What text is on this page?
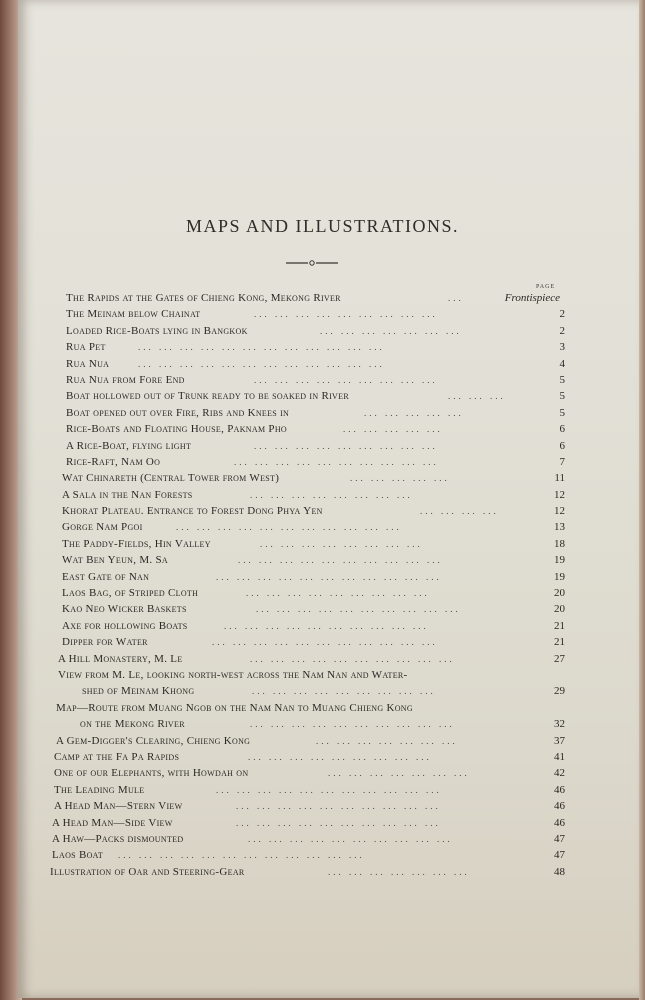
MAPS AND ILLUSTRATIONS.
PAGE
The Rapids at the Gates of Chieng Kong, Mekong River	...	Frontispiece
The Meinam below Chainat	... ... ... ... ... ... ... ... ...	2
Loaded Rice-Boats lying in Bangkok	... ... ... ... ... ... ...	2
Rua Pet	... ... ... ... ... ... ... ... ... ... ... ...	3
Rua Nua	... ... ... ... ... ... ... ... ... ... ... ...	4
Rua Nua from Fore End	... ... ... ... ... ... ... ... ...	5
Boat hollowed out of Trunk ready to be soaked in River	... ... ...	5
Boat opened out over Fire, Ribs and Knees in	... ... ... ... ...	5
Rice-Boats and Floating House, Paknam Pho	... ... ... ... ...	6
A Rice-Boat, flying light	... ... ... ... ... ... ... ... ...	6
Rice-Raft, Nam Oo	... ... ... ... ... ... ... ... ... ...	7
Wat Chinareth (Central Tower from West)	... ... ... ... ...	11
A Sala in the Nan Forests	... ... ... ... ... ... ... ...	12
Khorat Plateau. Entrance to Forest Dong Phya Yen	... ... ... ...	12
Gorge Nam Pgoi	... ... ... ... ... ... ... ... ... ... ...	13
The Paddy-Fields, Hin Valley	... ... ... ... ... ... ... ...	18
Wat Ben Yeun, M. Sa	... ... ... ... ... ... ... ... ... ...	19
East Gate of Nan	... ... ... ... ... ... ... ... ... ... ...	19
Laos Bag, of Striped Cloth	... ... ... ... ... ... ... ... ...	20
Kao Neo Wicker Baskets	... ... ... ... ... ... ... ... ... ...	20
Axe for hollowing Boats	... ... ... ... ... ... ... ... ... ...	21
Dipper for Water	... ... ... ... ... ... ... ... ... ... ...	21
A Hill Monastery, M. Le	... ... ... ... ... ... ... ... ... ...	27
View from M. Le, looking north-west across the Nam Nan and Water-
shed of Meinam Khong	... ... ... ... ... ... ... ... ...	29
Map—Route from Muang Ngob on the Nam Nan to Muang Chieng Kong
on the Mekong River	... ... ... ... ... ... ... ... ... ...	32
A Gem-Digger's Clearing, Chieng Kong	... ... ... ... ... ... ...	37
Camp at the Fa Pa Rapids	... ... ... ... ... ... ... ... ...	41
One of our Elephants, with Howdah on	... ... ... ... ... ... ...	42
The Leading Mule	... ... ... ... ... ... ... ... ... ... ...	46
A Head Man—Stern View	... ... ... ... ... ... ... ... ... ...	46
A Head Man—Side View	... ... ... ... ... ... ... ... ... ...	46
A Haw—Packs dismounted	... ... ... ... ... ... ... ... ... ...	47
Laos Boat ... ... ... ... ... ... ... ... ... ... ... ...	47
Illustration of Oar and Steering-Gear	... ... ... ... ... ... ...	48
